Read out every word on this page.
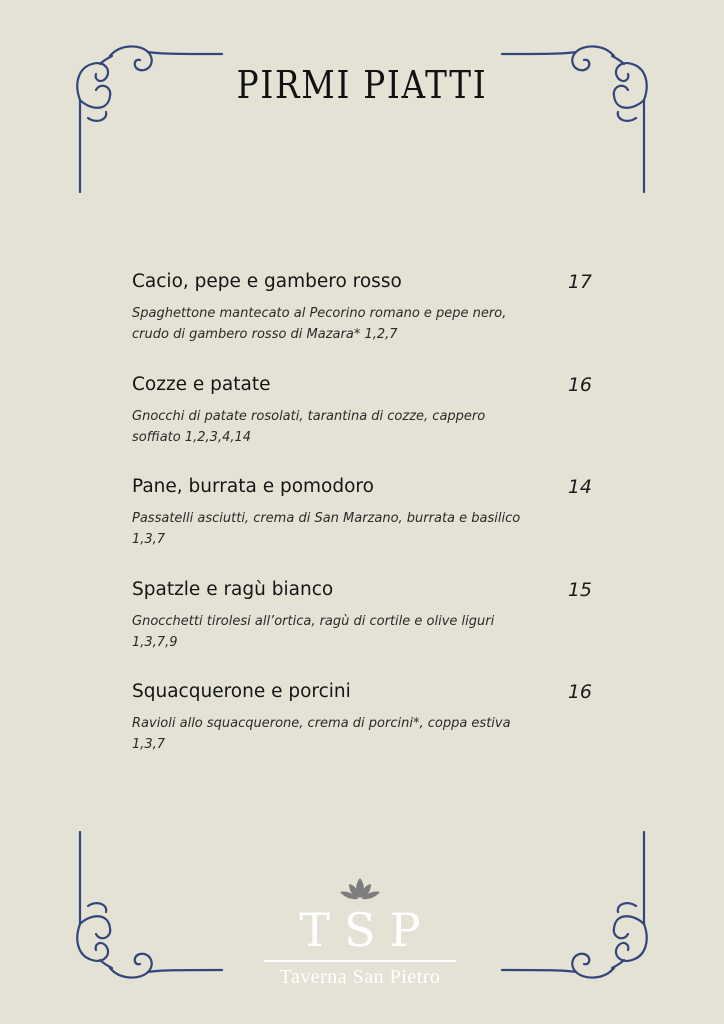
PIRMI PIATTI
Cacio, pepe e gambero rosso	17
Spaghettone mantecato al Pecorino romano e pepe nero, crudo di gambero rosso di Mazara* 1,2,7
Cozze e patate	16
Gnocchi di patate rosolati, tarantina di cozze, cappero soffiato 1,2,3,4,14
Pane, burrata e pomodoro	14
Passatelli asciutti, crema di San Marzano, burrata e basilico 1,3,7
Spatzle e ragù bianco	15
Gnocchetti tirolesi all’ortica, ragù di cortile e olive liguri 1,3,7,9
Squacquerone e porcini	16
Ravioli allo squacquerone, crema di porcini*, coppa estiva 1,3,7
TSP
Taverna San Pietro
